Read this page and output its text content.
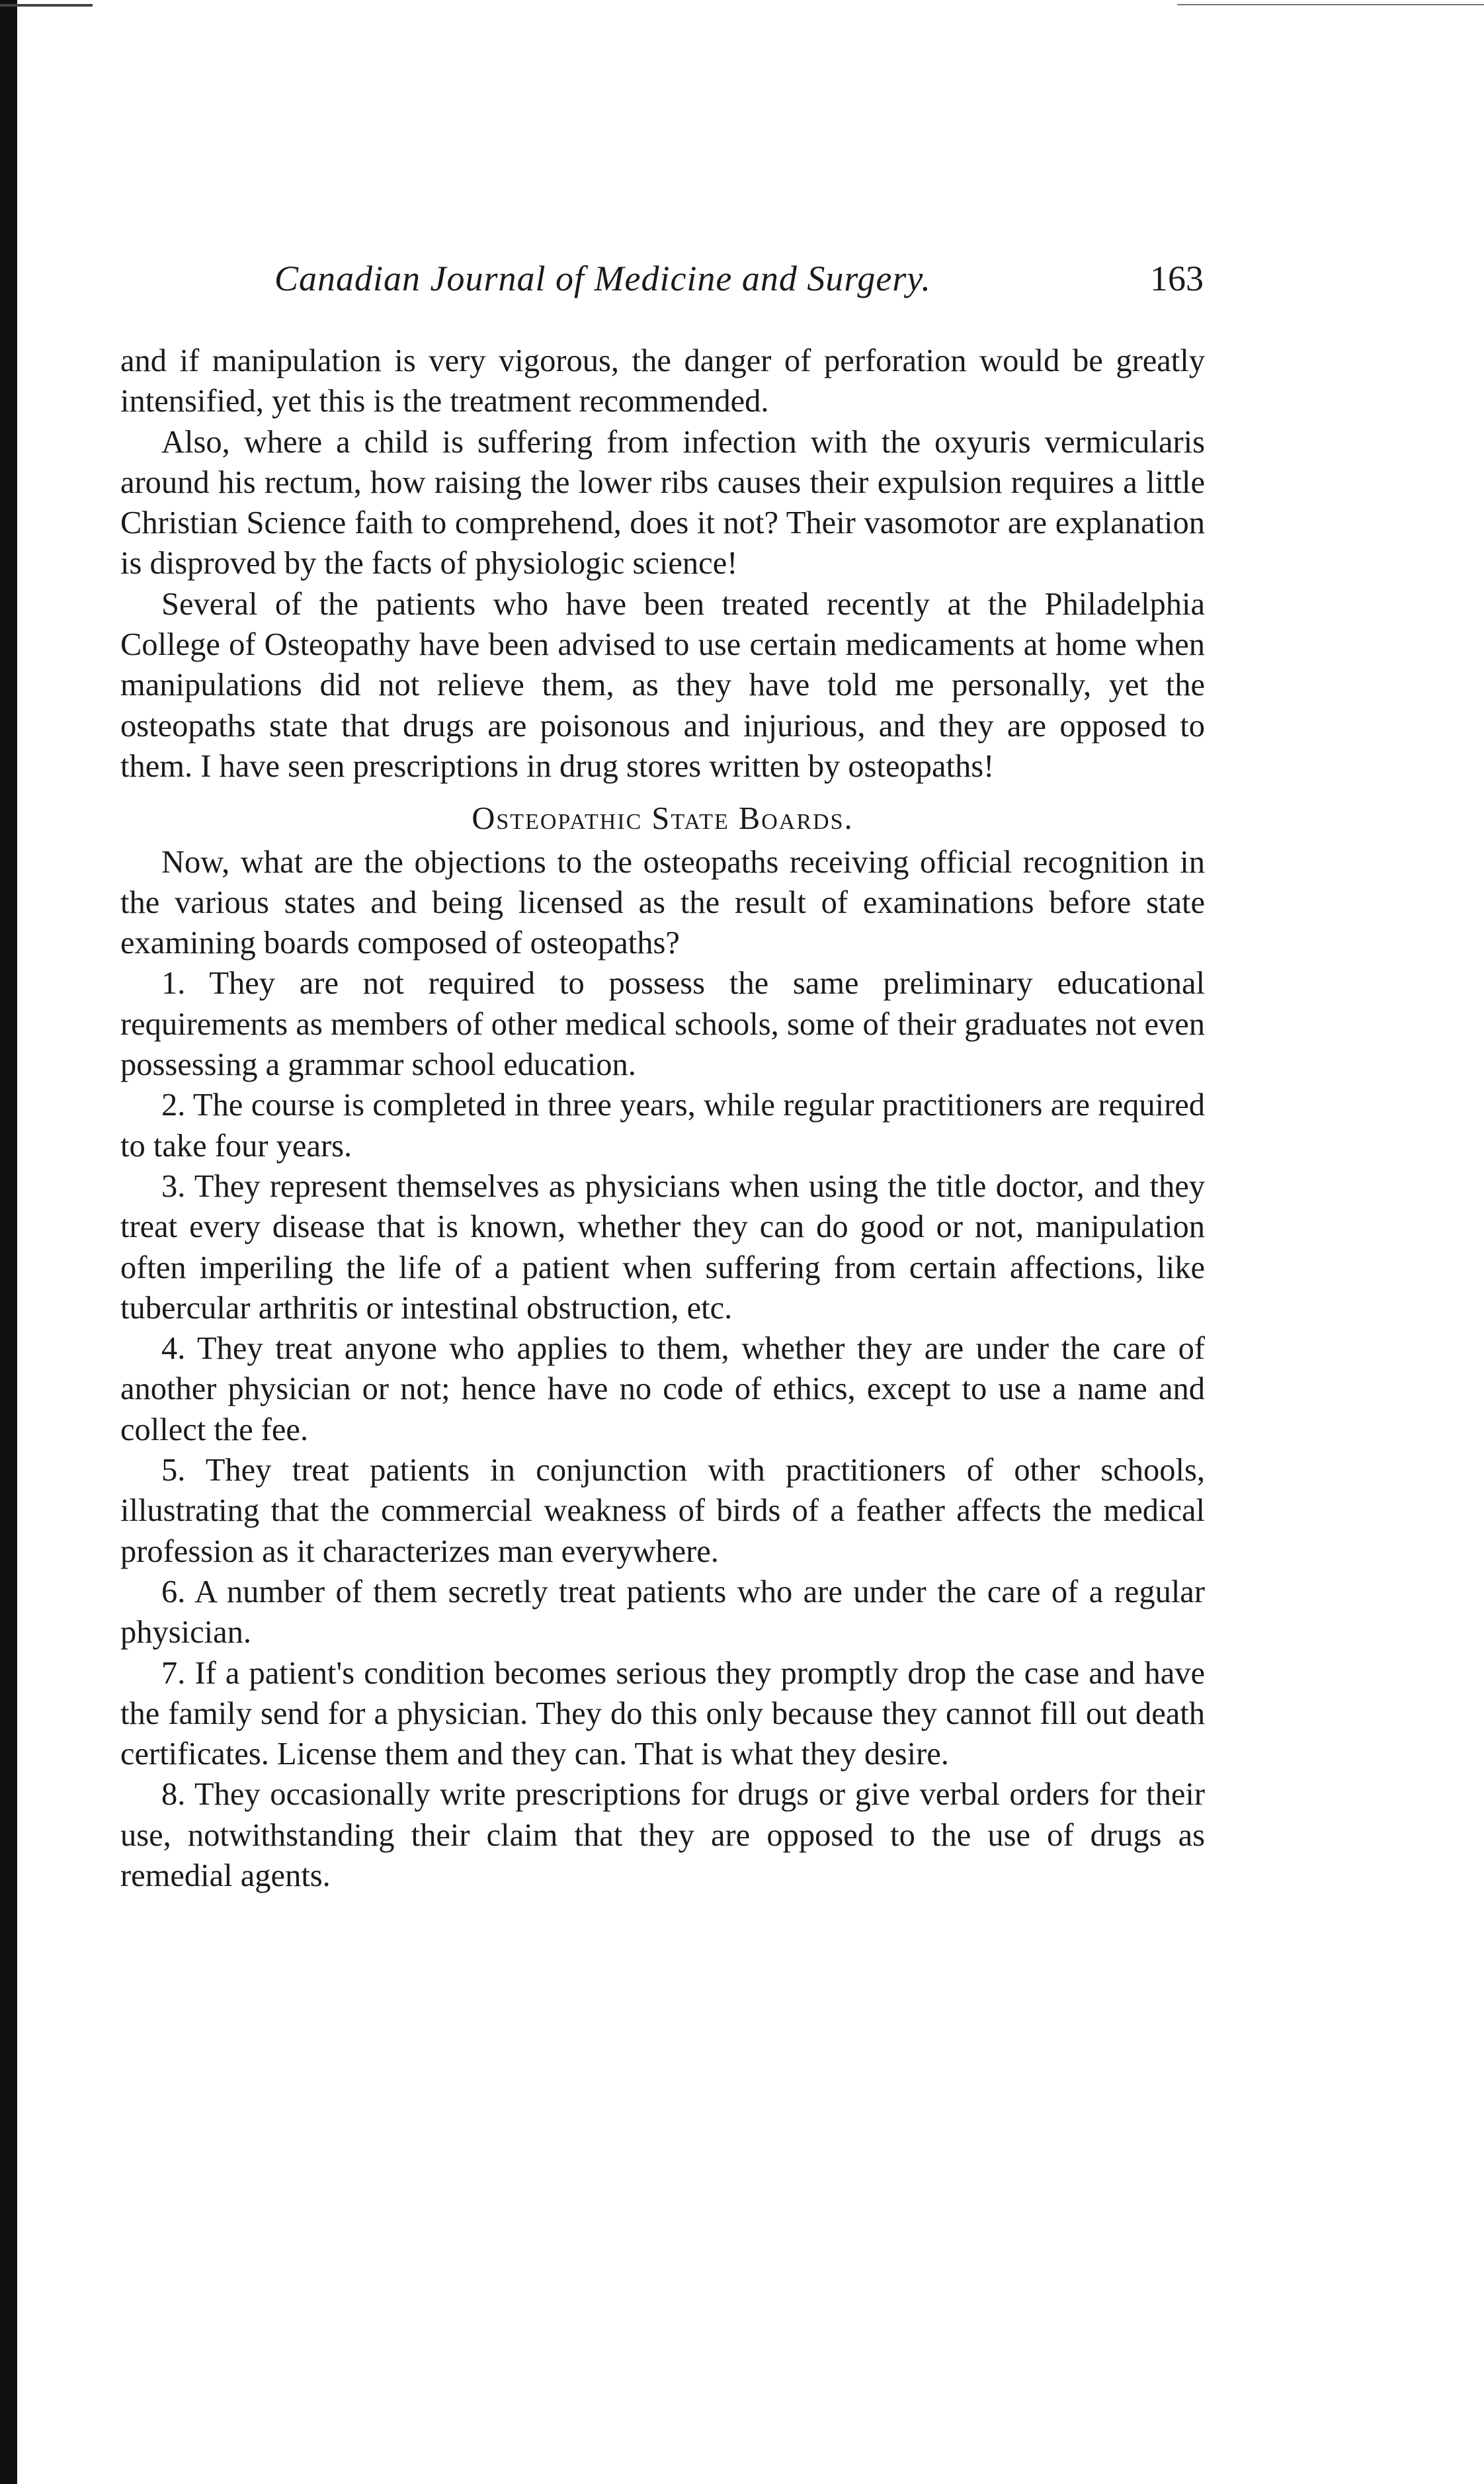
Canadian Journal of Medicine and Surgery.	163

and if manipulation is very vigorous, the danger of perforation would be greatly intensified, yet this is the treatment recommended.

Also, where a child is suffering from infection with the oxyuris vermicularis around his rectum, how raising the lower ribs causes their expulsion requires a little Christian Science faith to comprehend, does it not? Their vasomotor are explanation is disproved by the facts of physiologic science!

Several of the patients who have been treated recently at the Philadelphia College of Osteopathy have been advised to use certain medicaments at home when manipulations did not relieve them, as they have told me personally, yet the osteopaths state that drugs are poisonous and injurious, and they are opposed to them. I have seen prescriptions in drug stores written by osteopaths!

Osteopathic State Boards.

Now, what are the objections to the osteopaths receiving official recognition in the various states and being licensed as the result of examinations before state examining boards composed of osteopaths?

1. They are not required to possess the same preliminary educational requirements as members of other medical schools, some of their graduates not even possessing a grammar school education.

2. The course is completed in three years, while regular practitioners are required to take four years.

3. They represent themselves as physicians when using the title doctor, and they treat every disease that is known, whether they can do good or not, manipulation often imperiling the life of a patient when suffering from certain affections, like tubercular arthritis or intestinal obstruction, etc.

4. They treat anyone who applies to them, whether they are under the care of another physician or not; hence have no code of ethics, except to use a name and collect the fee.

5. They treat patients in conjunction with practitioners of other schools, illustrating that the commercial weakness of birds of a feather affects the medical profession as it characterizes man everywhere.

6. A number of them secretly treat patients who are under the care of a regular physician.

7. If a patient's condition becomes serious they promptly drop the case and have the family send for a physician. They do this only because they cannot fill out death certificates. License them and they can. That is what they desire.

8. They occasionally write prescriptions for drugs or give verbal orders for their use, notwithstanding their claim that they are opposed to the use of drugs as remedial agents.
